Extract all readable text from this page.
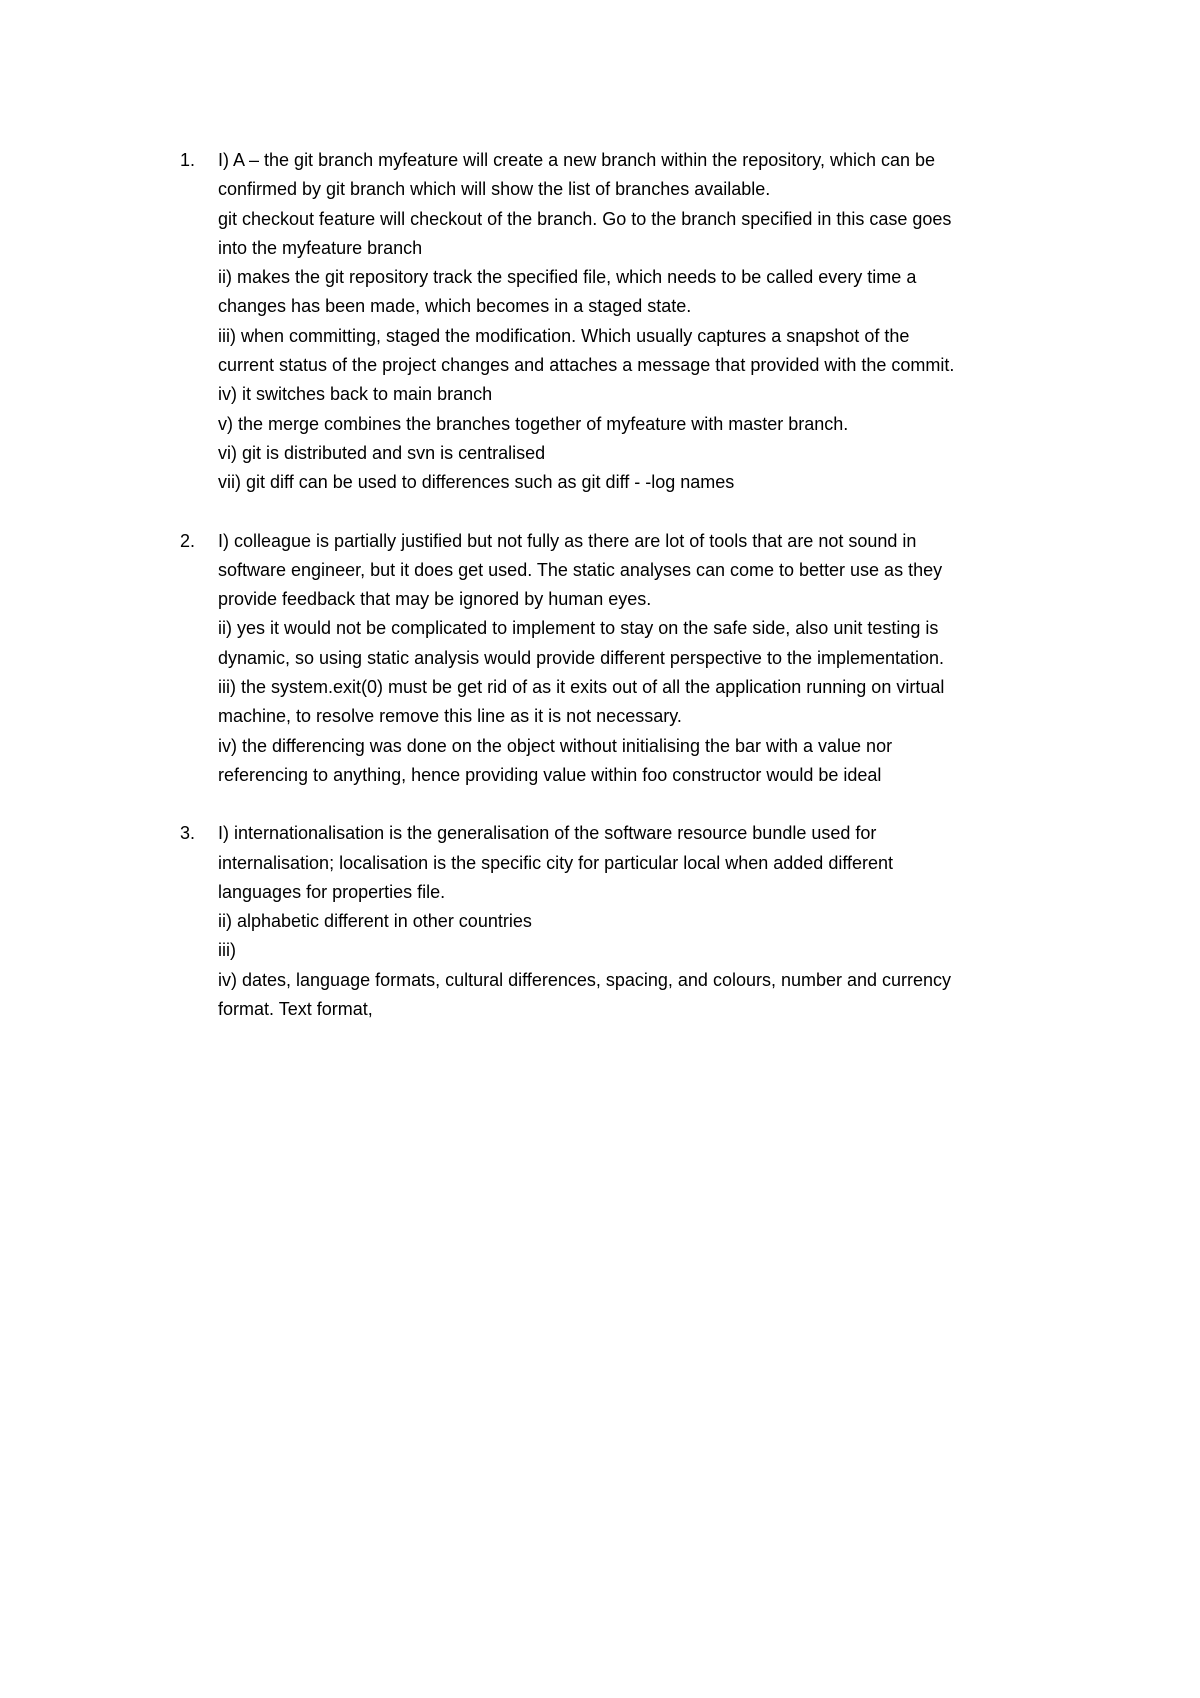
1. I) A – the git branch myfeature will create a new branch within the repository, which can be
confirmed by git branch which will show the list of branches available.
git checkout feature will checkout of the branch. Go to the branch specified in this case goes
into the myfeature branch
ii) makes the git repository track the specified file, which needs to be called every time a
changes has been made, which becomes in a staged state.
iii) when committing, staged the modification. Which usually captures a snapshot of the
current status of the project changes and attaches a message that provided with the commit.
iv) it switches back to main branch
v) the merge combines the branches together of myfeature with master branch.
vi) git is distributed and svn is centralised
vii) git diff can be used to differences such as git diff - -log names
2. I) colleague is partially justified but not fully as there are lot of tools that are not sound in
software engineer, but it does get used. The static analyses can come to better use as they
provide feedback that may be ignored by human eyes.
ii) yes it would not be complicated to implement to stay on the safe side, also unit testing is
dynamic, so using static analysis would provide different perspective to the implementation.
iii) the system.exit(0) must be get rid of as it exits out of all the application running on virtual
machine, to resolve remove this line as it is not necessary.
iv) the differencing was done on the object without initialising the bar with a value nor
referencing to anything, hence providing value within foo constructor would be ideal
3. I) internationalisation is the generalisation of the software resource bundle used for
internalisation; localisation is the specific city for particular local when added different
languages for properties file.
ii) alphabetic different in other countries
iii)
iv) dates, language formats, cultural differences, spacing, and colours, number and currency
format. Text format,
